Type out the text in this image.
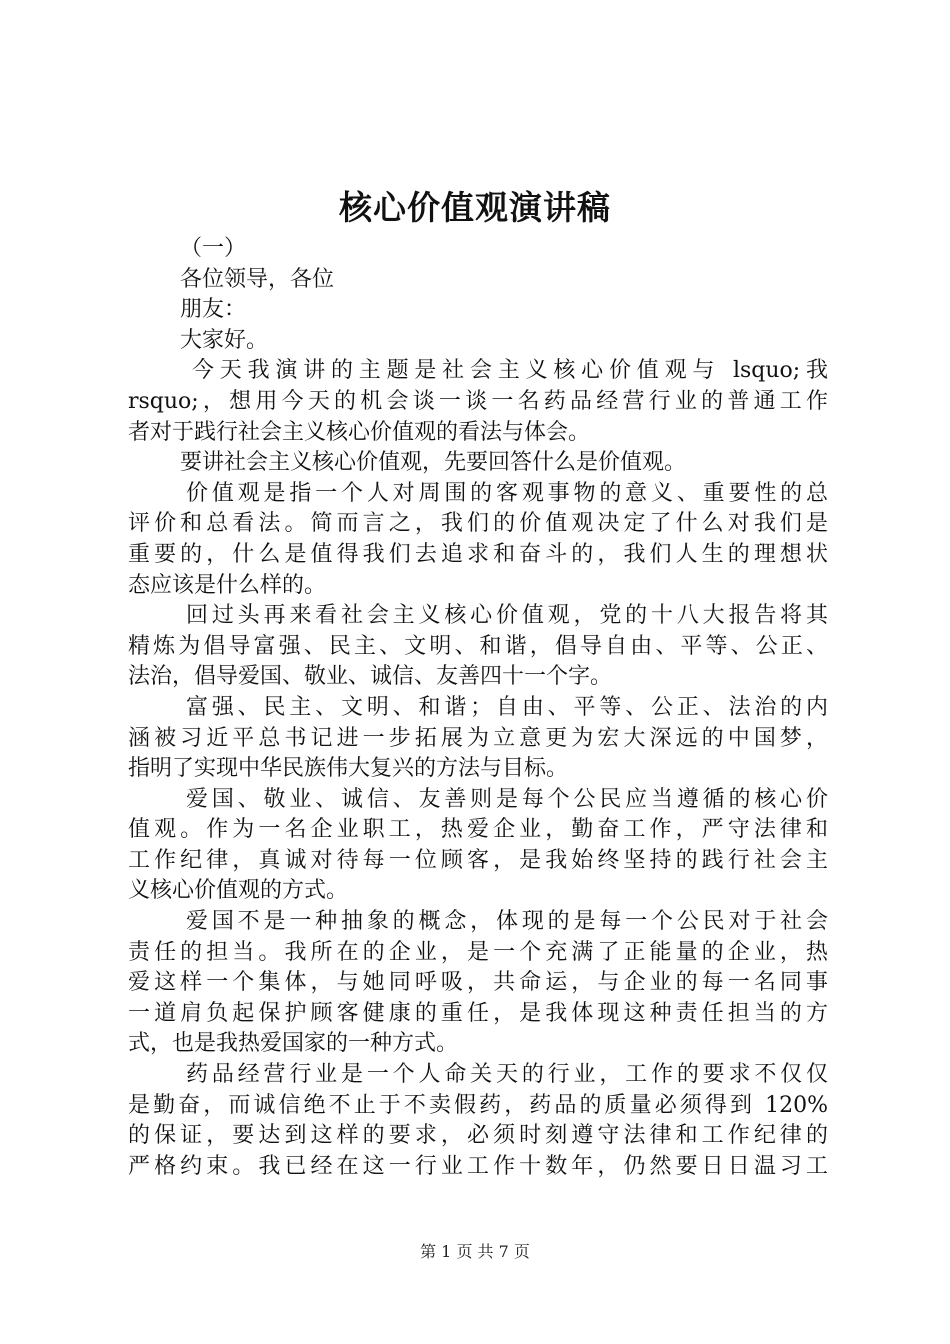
核心价值观演讲稿
（一）
各位领导，各位
朋友：
大家好。
今天我演讲的主题是社会主义核心价值观与 lsquo;我
rsquo;，想用今天的机会谈一谈一名药品经营行业的普通工作
者对于践行社会主义核心价值观的看法与体会。
要讲社会主义核心价值观，先要回答什么是价值观。
价值观是指一个人对周围的客观事物的意义、重要性的总
评价和总看法。简而言之，我们的价值观决定了什么对我们是
重要的，什么是值得我们去追求和奋斗的，我们人生的理想状
态应该是什么样的。
回过头再来看社会主义核心价值观，党的十八大报告将其
精炼为倡导富强、民主、文明、和谐，倡导自由、平等、公正、
法治，倡导爱国、敬业、诚信、友善四十一个字。
富强、民主、文明、和谐；自由、平等、公正、法治的内
涵被习近平总书记进一步拓展为立意更为宏大深远的中国梦，
指明了实现中华民族伟大复兴的方法与目标。
爱国、敬业、诚信、友善则是每个公民应当遵循的核心价
值观。作为一名企业职工，热爱企业，勤奋工作，严守法律和
工作纪律，真诚对待每一位顾客，是我始终坚持的践行社会主
义核心价值观的方式。
爱国不是一种抽象的概念，体现的是每一个公民对于社会
责任的担当。我所在的企业，是一个充满了正能量的企业，热
爱这样一个集体，与她同呼吸，共命运，与企业的每一名同事
一道肩负起保护顾客健康的重任，是我体现这种责任担当的方
式，也是我热爱国家的一种方式。
药品经营行业是一个人命关天的行业，工作的要求不仅仅
是勤奋，而诚信绝不止于不卖假药，药品的质量必须得到 120%
的保证，要达到这样的要求，必须时刻遵守法律和工作纪律的
严格约束。我已经在这一行业工作十数年，仍然要日日温习工
第 1 页 共 7 页
